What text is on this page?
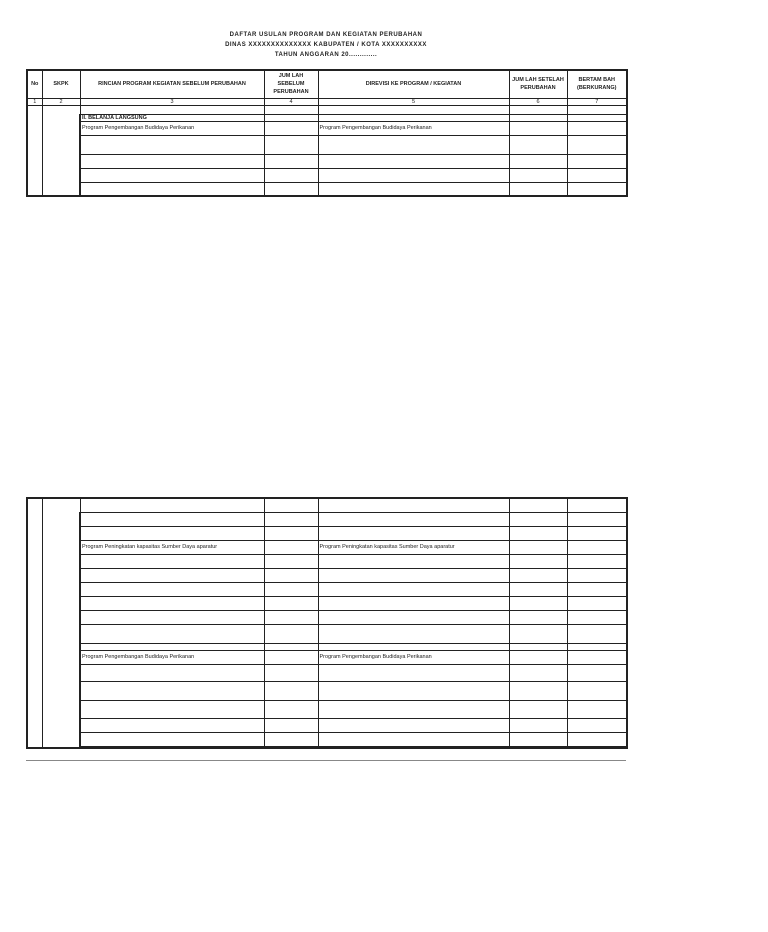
DAFTAR USULAN PROGRAM DAN KEGIATAN PERUBAHAN
DINAS XXXXXXXXXXXXXX KABUPATEN / KOTA XXXXXXXXXX
TAHUN ANGGARAN 20.............
No	SKPK	RINCIAN PROGRAM KEGIATAN SEBELUM PERUBAHAN	JUM LAH SEBELUM PERUBAHAN	DIREVISI KE PROGRAM / KEGIATAN	JUM LAH SETELAH PERUBAHAN	BERTAM BAH (BERKURANG)
1	2	3	4	5	6	7

		II. BELANJA LANGSUNG				
		Program Pengembangan Budidaya Perikanan		Program Pengembangan Budidaya Perikanan		

		Program Peningkatan kapasitas Sumber Daya aparatur		Program Peningkatan kapasitas Sumber Daya aparatur		

		Program Pengembangan Budidaya Perikanan		Program Pengembangan Budidaya Perikanan		
